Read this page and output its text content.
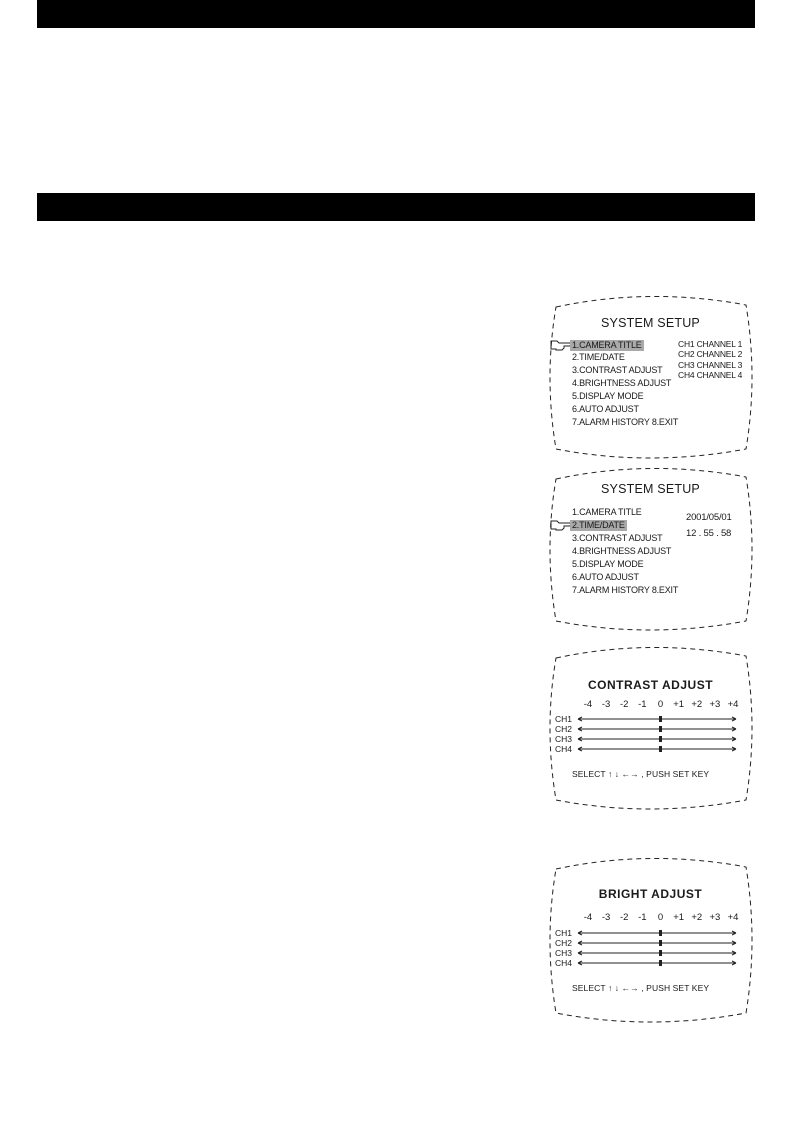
SYSTEM SETUP
1.CAMERA TITLE
2.TIME/DATE
3.CONTRAST ADJUST
4.BRIGHTNESS ADJUST
5.DISPLAY MODE
6.AUTO ADJUST
7.ALARM HISTORY 8.EXIT
CH1 CHANNEL 1
CH2 CHANNEL 2
CH3 CHANNEL 3
CH4 CHANNEL 4
SYSTEM SETUP
1.CAMERA TITLE
2.TIME/DATE
3.CONTRAST ADJUST
4.BRIGHTNESS ADJUST
5.DISPLAY MODE
6.AUTO ADJUST
7.ALARM HISTORY 8.EXIT
2001/05/01
12 . 55 . 58
CONTRAST ADJUST
-4 -3 -2 -1 0 +1 +2 +3 +4
CH1
CH2
CH3
CH4
SELECT ↑ ↓ ←→ , PUSH SET KEY
BRIGHT ADJUST
-4 -3 -2 -1 0 +1 +2 +3 +4
CH1
CH2
CH3
CH4
SELECT ↑ ↓ ←→ , PUSH SET KEY
